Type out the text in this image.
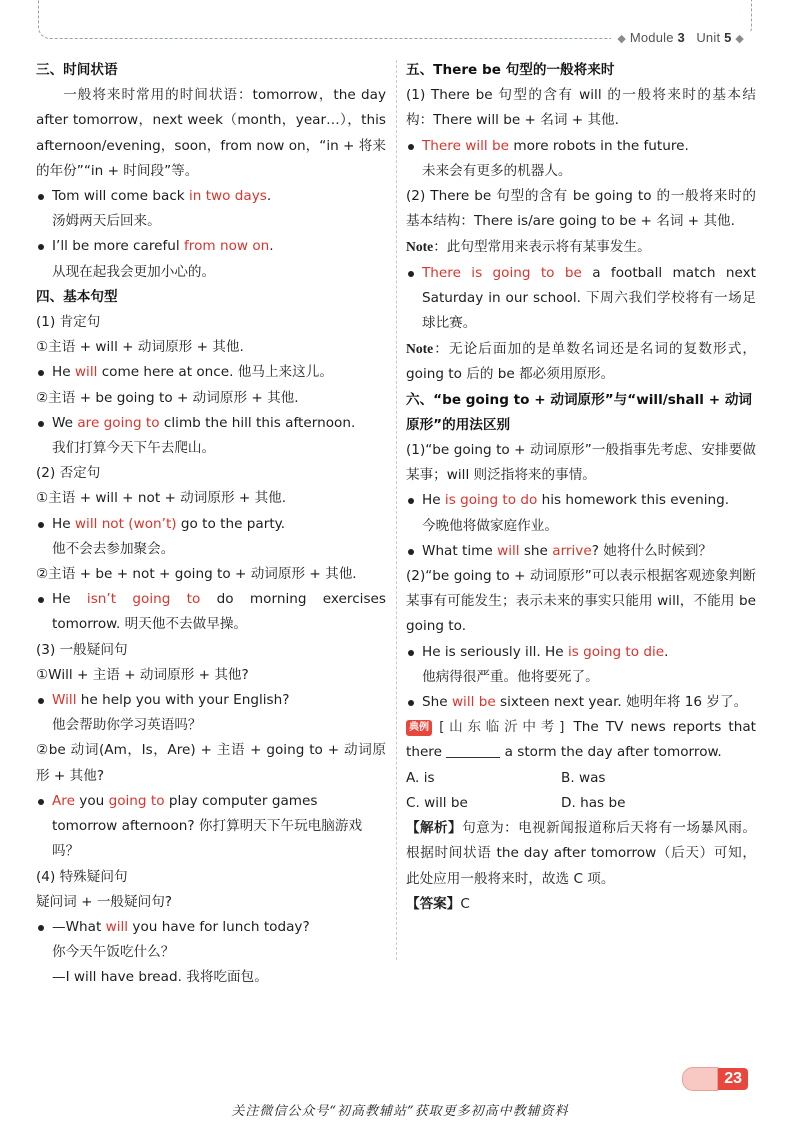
◆ Module 3 Unit 5 ◆

三、时间状语

一般将来时常用的时间状语：tomorrow，the day after tomorrow，next week（month，year…），this afternoon/evening，soon，from now on，“in + 将来的年份”“in + 时间段”等。

Tom will come back in two days.

汤姆两天后回来。

I’ll be more careful from now on.

从现在起我会更加小心的。

四、基本句型

(1) 肯定句

①主语 + will + 动词原形 + 其他.

He will come here at once. 他马上来这儿。

②主语 + be going to + 动词原形 + 其他.

We are going to climb the hill this afternoon.

我们打算今天下午去爬山。

(2) 否定句

①主语 + will + not + 动词原形 + 其他.

He will not (won’t) go to the party.

他不会去参加聚会。

②主语 + be + not + going to + 动词原形 + 其他.

He isn’t going to do morning exercises tomorrow. 明天他不去做早操。

(3) 一般疑问句

①Will + 主语 + 动词原形 + 其他?

Will he help you with your English?

他会帮助你学习英语吗？

②be 动词(Am，Is，Are) + 主语 + going to + 动词原形 + 其他?

Are you going to play computer games tomorrow afternoon? 你打算明天下午玩电脑游戏吗？

(4) 特殊疑问句

疑问词 + 一般疑问句?

—What will you have for lunch today?

你今天午饭吃什么？

—I will have bread. 我将吃面包。

五、There be 句型的一般将来时

(1) There be 句型的含有 will 的一般将来时的基本结构：There will be + 名词 + 其他.

There will be more robots in the future.

未来会有更多的机器人。

(2) There be 句型的含有 be going to 的一般将来时的基本结构：There is/are going to be + 名词 + 其他.

Note：此句型常用来表示将有某事发生。

There is going to be a football match next Saturday in our school. 下周六我们学校将有一场足球比赛。

Note：无论后面加的是单数名词还是名词的复数形式，going to 后的 be 都必须用原形。

六、“be going to + 动词原形”与“will/shall + 动词原形”的用法区别

(1)“be going to + 动词原形”一般指事先考虑、安排要做某事；will 则泛指将来的事情。

He is going to do his homework this evening.

今晚他将做家庭作业。

What time will she arrive? 她将什么时候到？

(2)“be going to + 动词原形”可以表示根据客观迹象判断某事有可能发生；表示未来的事实只能用 will，不能用 be going to.

He is seriously ill. He is going to die.

他病得很严重。他将要死了。

She will be sixteen next year. 她明年将 16 岁了。

典例 [山东临沂中考] The TV news reports that there	a storm the day after tomorrow.

A. is	B. was

C. will be	D. has be

【解析】句意为：电视新闻报道称后天将有一场暴风雨。根据时间状语 the day after tomorrow（后天）可知，此处应用一般将来时，故选 C 项。

【答案】C

23
关注微信公众号“初高教辅站”获取更多初高中教辅资料
